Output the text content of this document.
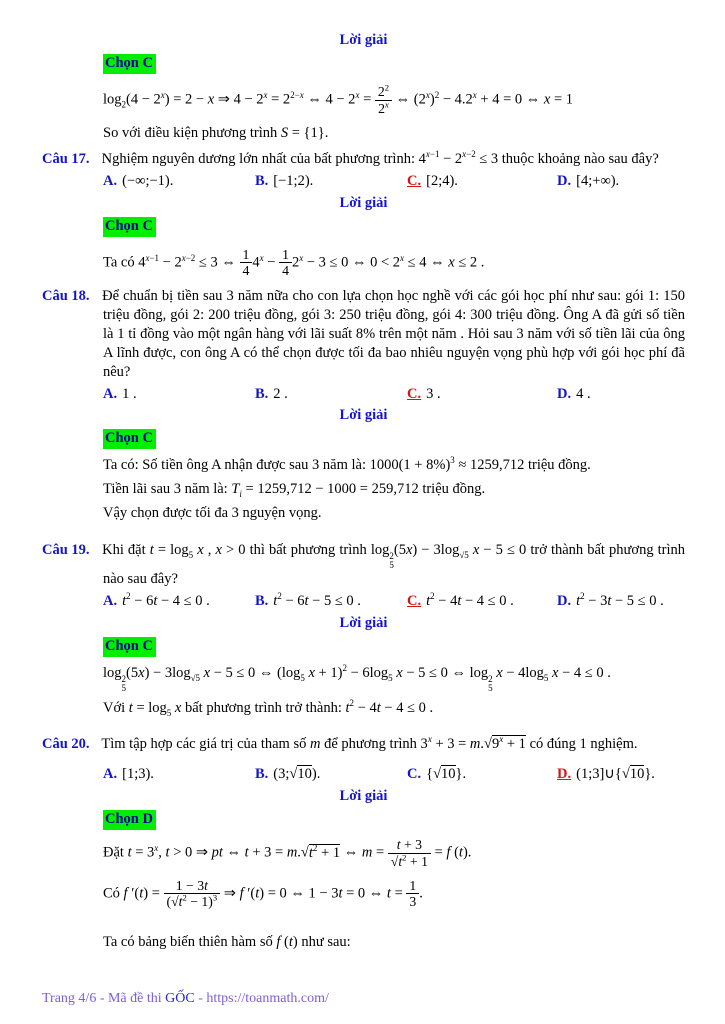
Lời giải
Chọn C
$\log_2(4 - 2^x) = 2 - x$ ⇒ $4 - 2^x = 2^{2-x}$ ⇔ $4 - 2^x = \frac{2^2}{2^x}$ ⇔ $(2^x)^2 - 4.2^x + 4 = 0$ ⇔ x = 1
So với điều kiện phương trình S = {1}.
Câu 17. Nghiệm nguyên dương lớn nhất của bất phương trình: $4^{x-1} - 2^{x-2} \le 3$ thuộc khoảng nào sau đây?
A. (−∞;−1).	B. [−1;2).	C. [2;4).	D. [4;+∞).
Lời giải
Chọn C
Ta có $4^{x-1} - 2^{x-2} \le 3$ ⇔ $\frac{1}{4} 4^x - \frac{1}{4} 2^x - 3 \le 0$ ⇔ $0 < 2^x \le 4$ ⇔ x ≤ 2 .
Câu 18. Để chuẩn bị tiền sau 3 năm nữa cho con lựa chọn học nghề với các gói học phí như sau: gói 1: 150 triệu đồng, gói 2: 200 triệu đồng, gói 3: 250 triệu đồng, gói 4: 300 triệu đồng. Ông A đã gửi số tiền là 1 tỉ đồng vào một ngân hàng với lãi suất 8% trên một năm . Hỏi sau 3 năm với số tiền lãi của ông A lĩnh được, con ông A có thể chọn được tối đa bao nhiêu nguyện vọng phù hợp với gói học phí đã nêu?
A. 1 .	B. 2 .	C. 3 .	D. 4 .
Lời giải
Chọn C
Ta có: Số tiền ông A nhận được sau 3 năm là: $1000(1 + 8\%)^3 \approx 1259,712$ triệu đồng.
Tiền lãi sau 3 năm là: $T_i = 1259,712 - 1000 = 259,712$ triệu đồng.
Vậy chọn được tối đa 3 nguyện vọng.
Câu 19. Khi đặt $t = \log_5 x$ , x > 0 thì bất phương trình log 2
5
$(5x) - 3\log_{√5}$ x − 5 ≤ 0 trở thành bất phương trình nào sau đây?
A. $t^2 - 6t - 4 \le 0$ .	B. $t^2 - 6t - 5 \le 0$ .	C. $t^2 - 4t - 4 \le 0$ .	D. $t^2 - 3t - 5 \le 0$ .
Lời giải
Chọn C
log 2
5
$(5x) - 3\log_{√5}$ x − 5 ≤ 0 ⇔ ($\log_5$ $x + 1)^2 - 6\log_5$ x − 5 ≤ 0 ⇔ log 2
5
$x - 4\log_5$ x − 4 ≤ 0 .
Với $t = \log_5 x$ bất phương trình trở thành: $t^2 - 4t - 4 \le 0$ .
Câu 20. Tìm tập hợp các giá trị của tham số m để phương trình $3^x + 3 = m.√9^x + 1$ có đúng 1 nghiệm.
A. [1;3).	B. (3;√10).	C. {√10}.	D. (1;3]∪{√10}.
Lời giải
Chọn D
Đặt $t = 3^x$, t > 0 ⇒ pt ⇔ $t + 3 = m.√t^2 + 1$ ⇔ $m = \frac{t + 3}{√t^2 + 1} = f$ (t).
Có f $'(t) = \frac{1 - 3t}{(√t^2 - 1)^3}$ ⇒ f ′(t) = 0 ⇔ 1 − 3t = 0 ⇔ $t = \frac{1}{3}$ .
Ta có bảng biến thiên hàm số f (t) như sau:
Trang 4/6 - Mã đề thi GỐC - https://toanmath.com/
